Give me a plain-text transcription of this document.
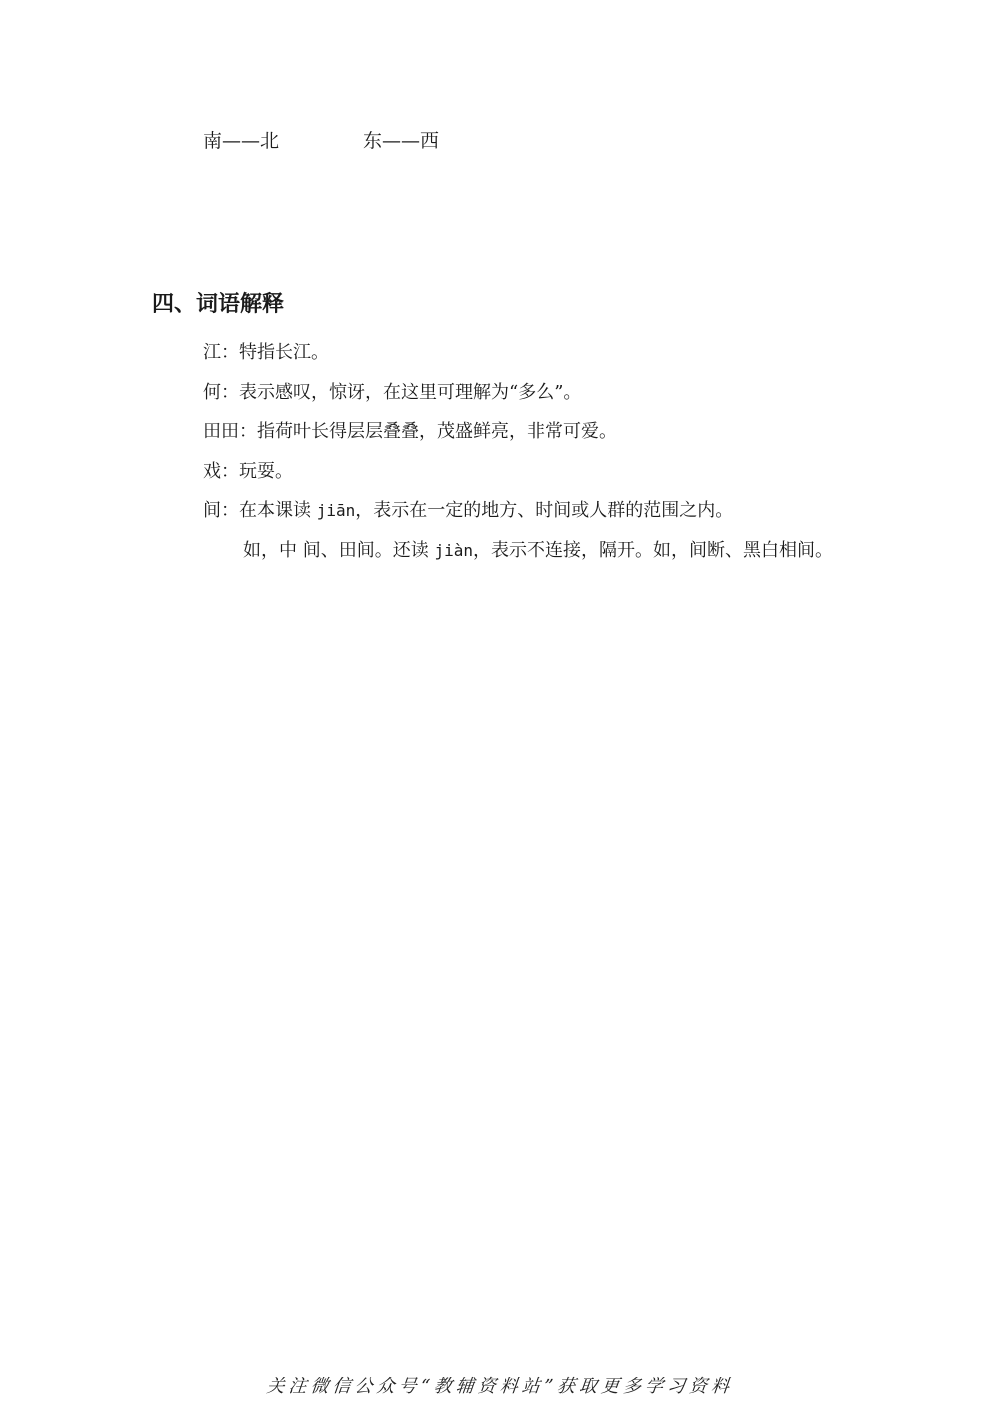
南——北	东——西
四、词语解释
江：特指长江。
何：表示感叹，惊讶，在这里可理解为“多么”。
田田：指荷叶长得层层叠叠，茂盛鲜亮，非常可爱。
戏：玩耍。
间：在本课读 jiān，表示在一定的地方、时间或人群的范围之内。
如，中 间、田间。还读 jiàn，表示不连接，隔开。如，间断、黑白相间。
关注微信公众号“教辅资料站”获取更多学习资料
